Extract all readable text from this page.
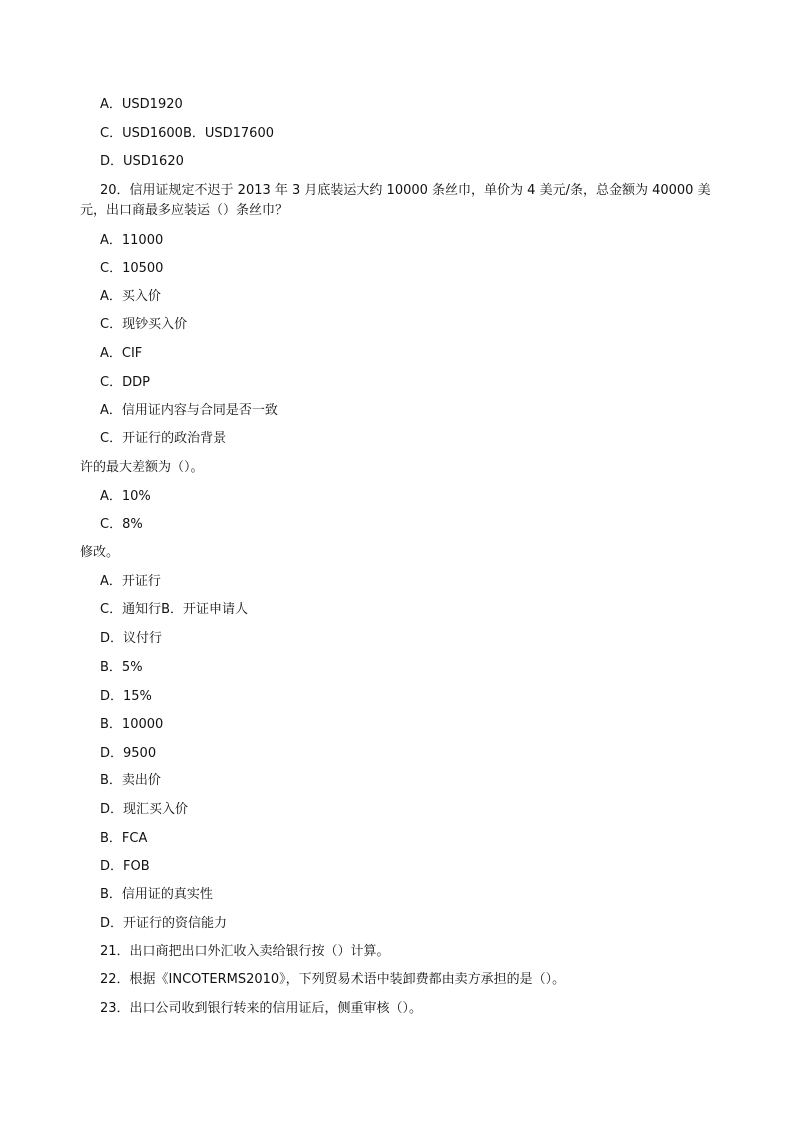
A．USD1920
C．USD1600B．USD17600
D．USD1620
20．信用证规定不迟于 2013 年 3 月底装运大约 10000 条丝巾，单价为 4 美元/条，总金额为 40000 美元，出口商最多应装运（）条丝巾？
A．11000
C．10500
A．买入价
C．现钞买入价
A．CIF
C．DDP
A．信用证内容与合同是否一致
C．开证行的政治背景
许的最大差额为（）。
A．10%
C．8%
修改。
A．开证行
C．通知行B．开证申请人
D．议付行
B．5%
D．15%
B．10000
D．9500
B．卖出价
D．现汇买入价
B．FCA
D．FOB
B．信用证的真实性
D．开证行的资信能力
21．出口商把出口外汇收入卖给银行按（）计算。
22．根据《INCOTERMS2010》，下列贸易术语中装卸费都由卖方承担的是（）。
23．出口公司收到银行转来的信用证后，侧重审核（）。
